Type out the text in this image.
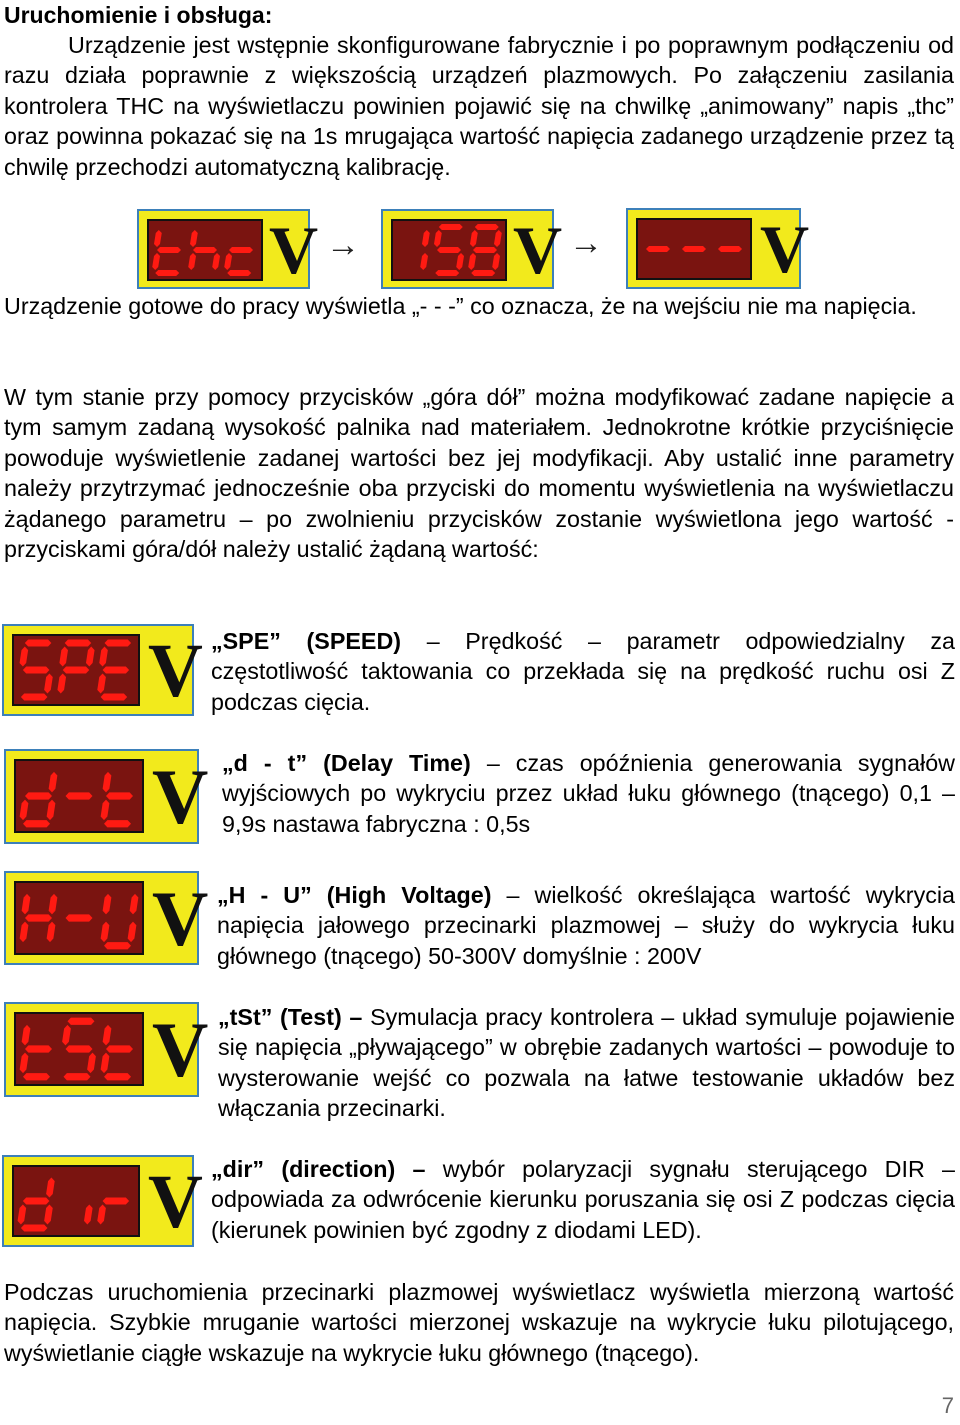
Uruchomienie i obsługa:

Urządzenie jest wstępnie skonfigurowane fabrycznie i po poprawnym podłączeniu od razu działa poprawnie z większością urządzeń plazmowych. Po załączeniu zasilania kontrolera THC na wyświetlaczu powinien pojawić się na chwilkę „animowany” napis „thc” oraz powinna pokazać się na 1s mrugająca wartość napięcia zadanego urządzenie przez tą chwilę przechodzi automatyczną kalibrację.

V → V → V

Urządzenie gotowe do pracy wyświetla „- - -” co oznacza, że na wejściu nie ma napięcia.

W tym stanie przy pomocy przycisków „góra dół” można modyfikować zadane napięcie a tym samym zadaną wysokość palnika nad materiałem. Jednokrotne krótkie przyciśnięcie powoduje wyświetlenie zadanej wartości bez jej modyfikacji. Aby ustalić inne parametry należy przytrzymać jednocześnie oba przyciski do momentu wyświetlenia na wyświetlaczu żądanego parametru – po zwolnieniu przycisków zostanie wyświetlona jego wartość - przyciskami góra/dół należy ustalić żądaną wartość:

V „SPE” (SPEED) – Prędkość – parametr odpowiedzialny za częstotliwość taktowania co przekłada się na prędkość ruchu osi Z podczas cięcia.

V „d - t” (Delay Time) – czas opóźnienia generowania sygnałów wyjściowych po wykryciu przez układ łuku głównego (tnącego) 0,1 – 9,9s nastawa fabryczna : 0,5s

V „H - U” (High Voltage) – wielkość określająca wartość wykrycia napięcia jałowego przecinarki plazmowej – służy do wykrycia łuku głównego (tnącego) 50-300V domyślnie : 200V

V „tSt” (Test) – Symulacja pracy kontrolera – układ symuluje pojawienie się napięcia „pływającego” w obrębie zadanych wartości – powoduje to wysterowanie wejść co pozwala na łatwe testowanie układów bez włączania przecinarki.

V „dir” (direction) – wybór polaryzacji sygnału sterującego DIR – odpowiada za odwrócenie kierunku poruszania się osi Z podczas cięcia (kierunek powinien być zgodny z diodami LED).

Podczas uruchomienia przecinarki plazmowej wyświetlacz wyświetla mierzoną wartość napięcia. Szybkie mruganie wartości mierzonej wskazuje na wykrycie łuku pilotującego, wyświetlanie ciągłe wskazuje na wykrycie łuku głównego (tnącego).

7
